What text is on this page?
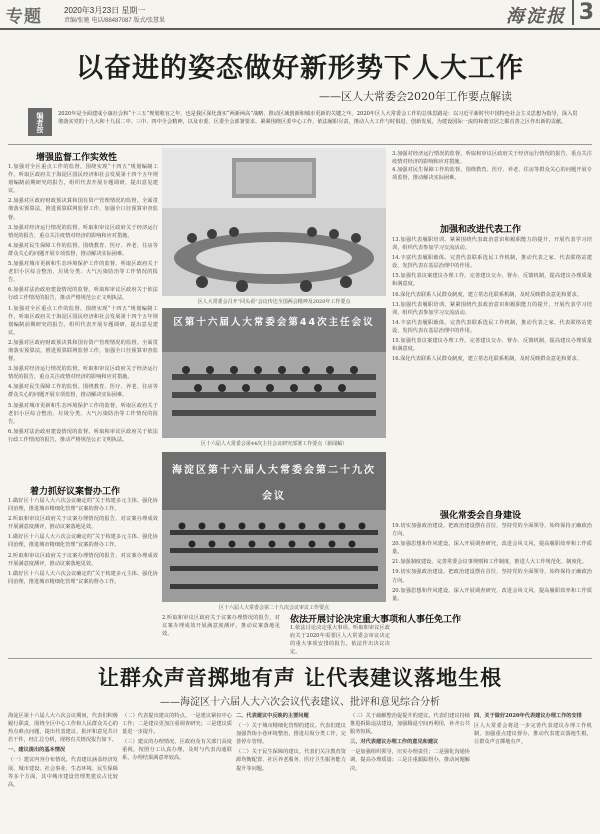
专题	2020年3月23日 星期一
责编/张驰 电话/88487087 版式/张慧果	海淀报 3
以奋进的姿态做好新形势下人大工作
——区人大常委会2020年工作要点解读
编者按	2020年是全面建成小康社会和“十三五”规划收官之年，也是我区深化落实“两新两高”战略、推动区域创新和城市更新的关键之年。2020年区人大常委会工作的总体思路是：以习近平新时代中国特色社会主义思想为指导，深入贯彻落实党的十九大和十九届二中、三中、四中全会精神，以及市委、区委全会部署要求，紧紧围绕区委中心工作，依法履职尽责，推动人大工作与时俱进、创新发展，为建设国际一流的和谐宜居之都首善之区作出新的贡献。
增强监督工作实效性

1.加强对全区重点工作的监督。围绕实现“十四五”规划编制工作，听取区政府关于海淀区国民经济和社会发展第十四个五年规划编制前期研究的报告，组织代表开展专题调研，提出意见建议。

2.加强对区政府财政预决算和国有资产管理情况的监督。全面贯彻落实预算法，推进预算联网监督工作，加强全口径预算审查监督。

3.加强对经济运行情况的监督。听取和审议区政府关于经济运行情况的报告，重点关注疫情对经济的影响和应对措施。

4.加强对民生保障工作的监督。围绕教育、医疗、养老、住房等群众关心的问题开展专项监督，推动解决实际困难。

5.加强对城市更新和生态环境保护工作的监督。听取区政府关于老旧小区综合整治、垃圾分类、大气污染防治等工作情况的报告。

6.加强对法治政府建设情况的监督。听取和审议区政府关于依法行政工作情况的报告，推动严格规范公正文明执法。

1.加强对全区重点工作的监督。围绕实现“十四五”规划编制工作，听取区政府关于海淀区国民经济和社会发展第十四个五年规划编制前期研究的报告，组织代表开展专题调研，提出意见建议。

2.加强对区政府财政预决算和国有资产管理情况的监督。全面贯彻落实预算法，推进预算联网监督工作，加强全口径预算审查监督。

3.加强对经济运行情况的监督。听取和审议区政府关于经济运行情况的报告，重点关注疫情对经济的影响和应对措施。

4.加强对民生保障工作的监督。围绕教育、医疗、养老、住房等群众关心的问题开展专项监督，推动解决实际困难。

5.加强对城市更新和生态环境保护工作的监督。听取区政府关于老旧小区综合整治、垃圾分类、大气污染防治等工作情况的报告。

6.加强对法治政府建设情况的监督。听取和审议区政府关于依法行政工作情况的报告，推动严格规范公正文明执法。

着力抓好议案督办工作

1.做好区十六届人大六次会议确定的“关于构建多元主体、强化协同治理，推进城市精细化管理”议案的督办工作。

2.听取和审议区政府关于议案办理情况的报告，对议案办理成效开展满意度测评，推动议案落地见效。

1.做好区十六届人大六次会议确定的“关于构建多元主体、强化协同治理，推进城市精细化管理”议案的督办工作。

2.听取和审议区政府关于议案办理情况的报告，对议案办理成效开展满意度测评，推动议案落地见效。

1.做好区十六届人大六次会议确定的“关于构建多元主体、强化协同治理，推进城市精细化管理”议案的督办工作。

区人大常委会召开“回头看”会议传达全国两会精神及2020年工作要点
区第十六届人大常委会第44次主任会议
区十六届人大常委会第44次主任会议研究部署工作要点（新闻稿）
海淀区第十六届人大常委会第二十九次会议
区十六届人大常委会第二十九次会议审议工作要点
依法开展讨论决定重大事项和人事任免工作

2.听取和审议区政府关于议案办理情况的报告，对议案办理成效开展满意度测评，推动议案落地见效。

1.依法讨论决定重大事项。听取和审议区政府关于2020年需要区人大常委会审议决定的重大事项安排的报告，依法作出决议决定。

3.加强对经济运行情况的监督。听取和审议区政府关于经济运行情况的报告，重点关注疫情对经济的影响和应对措施。

4.加强对民生保障工作的监督。围绕教育、医疗、养老、住房等群众关心的问题开展专项监督，推动解决实际困难。

加强和改进代表工作

13.加强代表履职培训。紧紧围绕代表政治意识和履职能力的提升，开展代表学习培训，组织代表参加学习交流活动。

14.丰富代表履职载体。完善代表联系选民工作机制，推动代表之家、代表联络站建设，发挥代表在基层治理中的作用。

15.加强代表议案建议办理工作。完善建议交办、督办、反馈机制，提高建议办理质量和满意度。

16.深化代表联系人民群众制度，建立常态化联系机制，及时反映群众意见和要求。

13.加强代表履职培训。紧紧围绕代表政治意识和履职能力的提升，开展代表学习培训，组织代表参加学习交流活动。

14.丰富代表履职载体。完善代表联系选民工作机制，推动代表之家、代表联络站建设，发挥代表在基层治理中的作用。

15.加强代表议案建议办理工作。完善建议交办、督办、反馈机制，提高建议办理质量和满意度。

16.深化代表联系人民群众制度，建立常态化联系机制，及时反映群众意见和要求。

强化常委会自身建设

19.切实加强政治建设。把政治建设摆在首位，坚持党的全面领导，始终保持正确政治方向。

20.加强思想和作风建设。深入开展调查研究，改进会风文风，提高履职效率和工作质量。

21.加强制度建设。完善常委会议事规则和工作制度，推进人大工作规范化、制度化。

19.切实加强政治建设。把政治建设摆在首位，坚持党的全面领导，始终保持正确政治方向。

20.加强思想和作风建设。深入开展调查研究，改进会风文风，提高履职效率和工作质量。

让群众声音掷地有声 让代表建议落地生根
——海淀区十六届人大六次会议代表建议、批评和意见综合分析

海淀区第十六届人大六次会议期间，代表们积极履行职责，围绕全区中心工作和人民群众关心的热点难点问题，提出代表建议、批评和意见共计若干件，经汇总分析，现将有关情况报告如下。

一、建议提出的基本情况

（一）建议内容分布情况。代表建议涵盖经济发展、城市建设、社会事业、生态环境、民生保障等多个方面，其中城市建设管理类建议占比较高。

（二）代表提出建议的特点。一是建议紧扣中心工作；二是建议更加注重调查研究；三是建议质量进一步提升。

（三）建议的办理情况。区政府及有关部门高度重视，按照分工认真办理，及时与代表沟通联系，办理结果满意率较高。

二、代表建议中反映的主要问题

（一）关于城市精细化管理的建议。代表们建议加强背街小巷环境整治，推进垃圾分类工作，完善停车管理。

（二）关于民生保障的建议。代表们关注教育资源均衡配置、社区养老服务、医疗卫生服务能力提升等问题。

（三）关于疏解整治促提升的建议。代表们建议持续推进拆除违法建设，加强腾退空间再利用，补齐公共服务短板。

三、对代表建议办理工作的意见和建议

一是加强组织领导，压实办理责任；二是强化沟通协调，提高办理质量；三是注重跟踪督办，推动问题解决。

四、关于做好2020年代表建议办理工作的安排

区人大常委会将进一步完善代表建议办理工作机制，加强重点建议督办，推动代表建议落地生根，让群众声音掷地有声。
